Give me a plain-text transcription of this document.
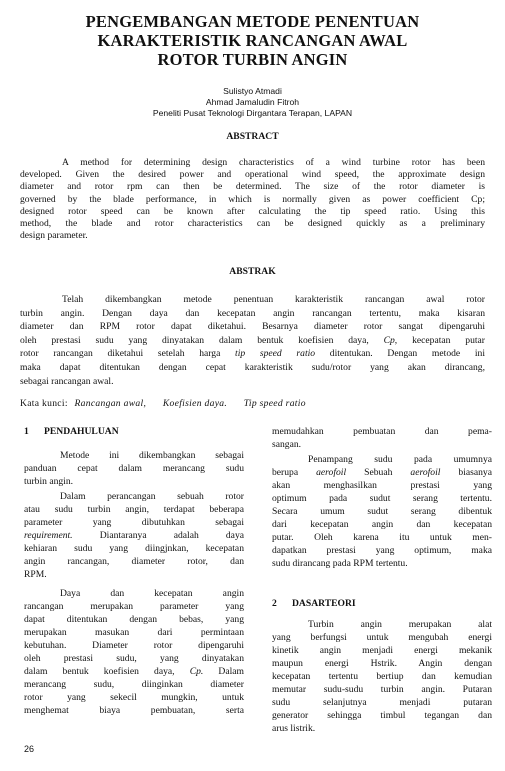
PENGEMBANGAN METODE PENENTUAN
KARAKTERISTIK RANCANGAN AWAL
ROTOR TURBIN ANGIN
Sulistyo Atmadi
Ahmad Jamaludin Fitroh
Peneliti Pusat Teknologi Dirgantara Terapan, LAPAN
ABSTRACT
A method for determining design characteristics of a wind turbine rotor has been
developed. Given the desired power and operational wind speed, the approximate design
diameter and rotor rpm can then be determined. The size of the rotor diameter is
governed by the blade performance, in which is normally given as power coefficient Cp;
designed rotor speed can be known after calculating the tip speed ratio. Using this
method, the blade and rotor characteristics can be designed quickly as a preliminary
design parameter.
ABSTRAK
Telah dikembangkan metode penentuan karakteristik rancangan awal rotor
turbin angin. Dengan daya dan kecepatan angin rancangan tertentu, maka kisaran
diameter dan RPM rotor dapat diketahui. Besarnya diameter rotor sangat dipengaruhi
oleh prestasi sudu yang dinyatakan dalam bentuk koefisien daya, Cp, kecepatan putar
rotor rancangan diketahui setelah harga tip speed ratio ditentukan. Dengan metode ini
maka dapat ditentukan dengan cepat karakteristik sudu/rotor yang akan dirancang,
sebagai rancangan awal.
Kata kunci: Rancangan awal, Koefisien daya. Tip speed ratio
1 PENDAHULUAN
Metode ini dikembangkan sebagai
panduan cepat dalam merancang sudu
turbin angin.
Dalam perancangan sebuah rotor
atau sudu turbin angin, terdapat beberapa
parameter yang dibutuhkan sebagai
requirement.	Diantaranya adalah daya
kehiaran sudu yang diingjnkan, kecepatan
angin rancangan, diameter rotor, dan
RPM.
Daya dan kecepatan angin
rancangan merupakan parameter yang
dapat ditentukan dengan bebas, yang
merupakan masukan dari permintaan
kebutuhan. Diameter rotor dipengaruhi
oleh prestasi sudu, yang dinyatakan
dalam bentuk koefisien daya, Cp. Dalam
merancang sudu, diinginkan diameter
rotor yang sekecil mungkin, untuk
menghemat biaya pembuatan, serta
memudahkan pembuatan dan pema-
sangan.
Penampang sudu pada umumnya
berupa aerofoil Sebuah aerofoil biasanya
akan menghasilkan prestasi yang
optimum pada sudut serang tertentu.
Secara umum sudut serang dibentuk
dari kecepatan angin dan kecepatan
putar. Oleh karena itu untuk men-
dapatkan prestasi yang optimum, maka
sudu dirancang pada RPM tertentu.
2 DASARTEORI
Turbin angin merupakan alat
yang berfungsi untuk mengubah energi
kinetik angin menjadi energi mekanik
maupun energi Hstrik. Angin dengan
kecepatan tertentu bertiup dan kemudian
memutar sudu-sudu turbin angin. Putaran
sudu selanjutnya menjadi putaran
generator sehingga timbul tegangan dan
arus listrik.
26
